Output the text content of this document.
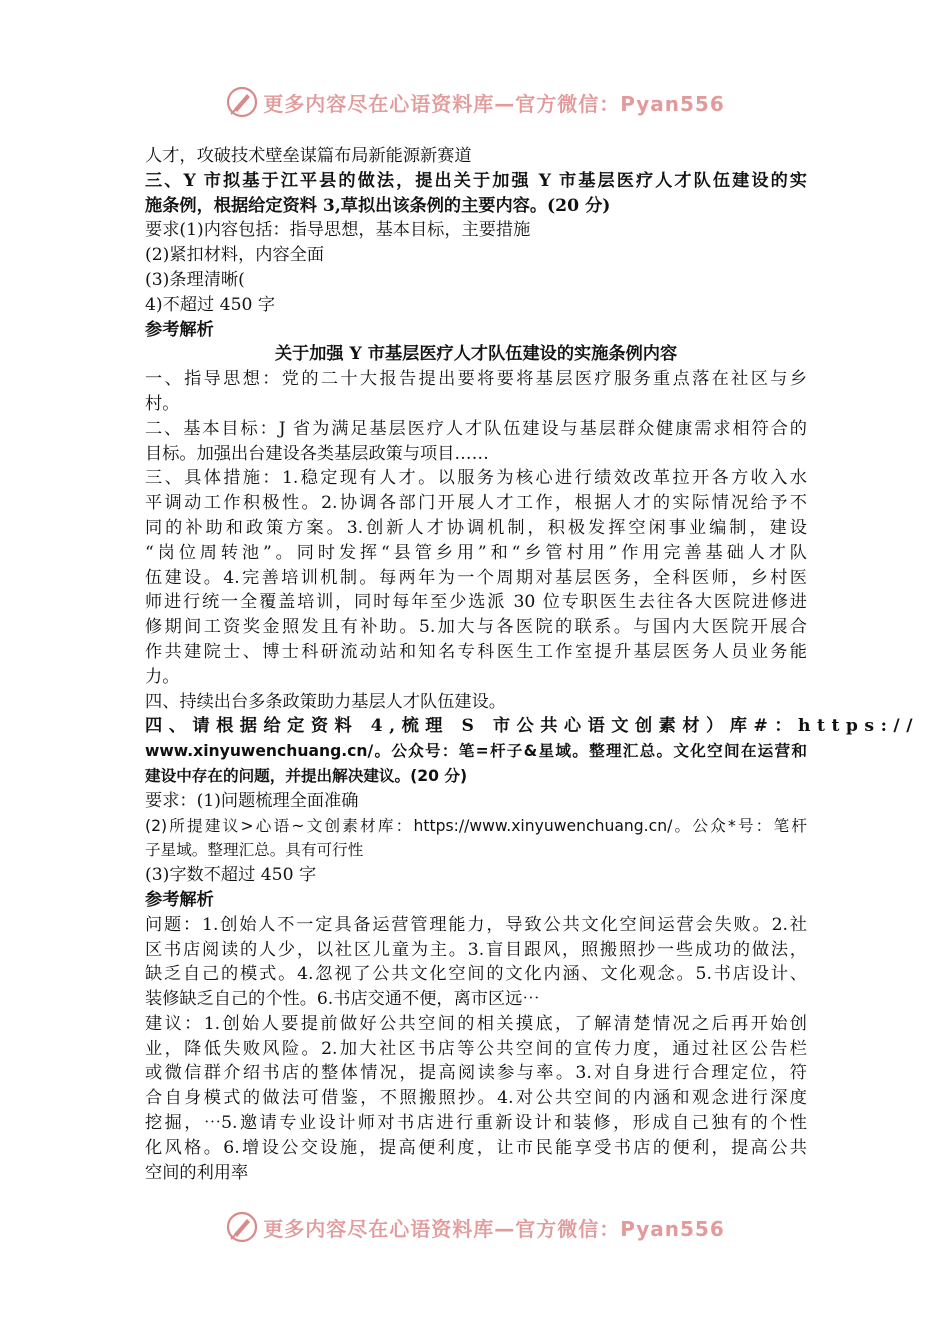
更多内容尽在心语资料库—官方微信：Pyan556
人才，攻破技术壁垒谋篇布局新能源新赛道
三、Y 市拟基于江平县的做法，提出关于加强 Y 市基层医疗人才队伍建设的实
施条例，根据给定资料 3,草拟出该条例的主要内容。(20 分)
要求(1)内容包括：指导思想，基本目标，主要措施
(2)紧扣材料，内容全面
(3)条理清晰(
4)不超过 450 字
参考解析
关于加强 Y 市基层医疗人才队伍建设的实施条例内容
一、指导思想：党的二十大报告提出要将要将基层医疗服务重点落在社区与乡
村。
二、基本目标：J 省为满足基层医疗人才队伍建设与基层群众健康需求相符合的
目标。加强出台建设各类基层政策与项目……
三、具体措施：1.稳定现有人才。以服务为核心进行绩效改革拉开各方收入水
平调动工作积极性。2.协调各部门开展人才工作，根据人才的实际情况给予不
同的补助和政策方案。3.创新人才协调机制，积极发挥空闲事业编制，建设
“岗位周转池”。同时发挥“县管乡用”和“乡管村用”作用完善基础人才队
伍建设。4.完善培训机制。每两年为一个周期对基层医务，全科医师，乡村医
师进行统一全覆盖培训，同时每年至少选派 30 位专职医生去往各大医院进修进
修期间工资奖金照发且有补助。5.加大与各医院的联系。与国内大医院开展合
作共建院士、博士科研流动站和知名专科医生工作室提升基层医务人员业务能
力。
四、持续出台多条政策助力基层人才队伍建设。
四、请根据给定资料 4,梳理 S 市公共心语文创素材）库#：https://
www.xinyuwenchuang.cn/。公众号：笔=杆子&星域。整理汇总。文化空间在运营和
建设中存在的问题，并提出解决建议。(20 分)
要求：(1)问题梳理全面准确
(2)所提建议>心语~文创素材库：https://www.xinyuwenchuang.cn/。公众*号：笔杆
子星域。整理汇总。具有可行性
(3)字数不超过 450 字
参考解析
问题：1.创始人不一定具备运营管理能力，导致公共文化空间运营会失败。2.社
区书店阅读的人少，以社区儿童为主。3.盲目跟风，照搬照抄一些成功的做法，
缺乏自己的模式。4.忽视了公共文化空间的文化内涵、文化观念。5.书店设计、
装修缺乏自己的个性。6.书店交通不便，离市区远⋯
建议：1.创始人要提前做好公共空间的相关摸底，了解清楚情况之后再开始创
业，降低失败风险。2.加大社区书店等公共空间的宣传力度，通过社区公告栏
或微信群介绍书店的整体情况，提高阅读参与率。3.对自身进行合理定位，符
合自身模式的做法可借鉴，不照搬照抄。4.对公共空间的内涵和观念进行深度
挖掘，⋯5.邀请专业设计师对书店进行重新设计和装修，形成自己独有的个性
化风格。6.增设公交设施，提高便利度，让市民能享受书店的便利，提高公共
空间的利用率
更多内容尽在心语资料库—官方微信：Pyan556
